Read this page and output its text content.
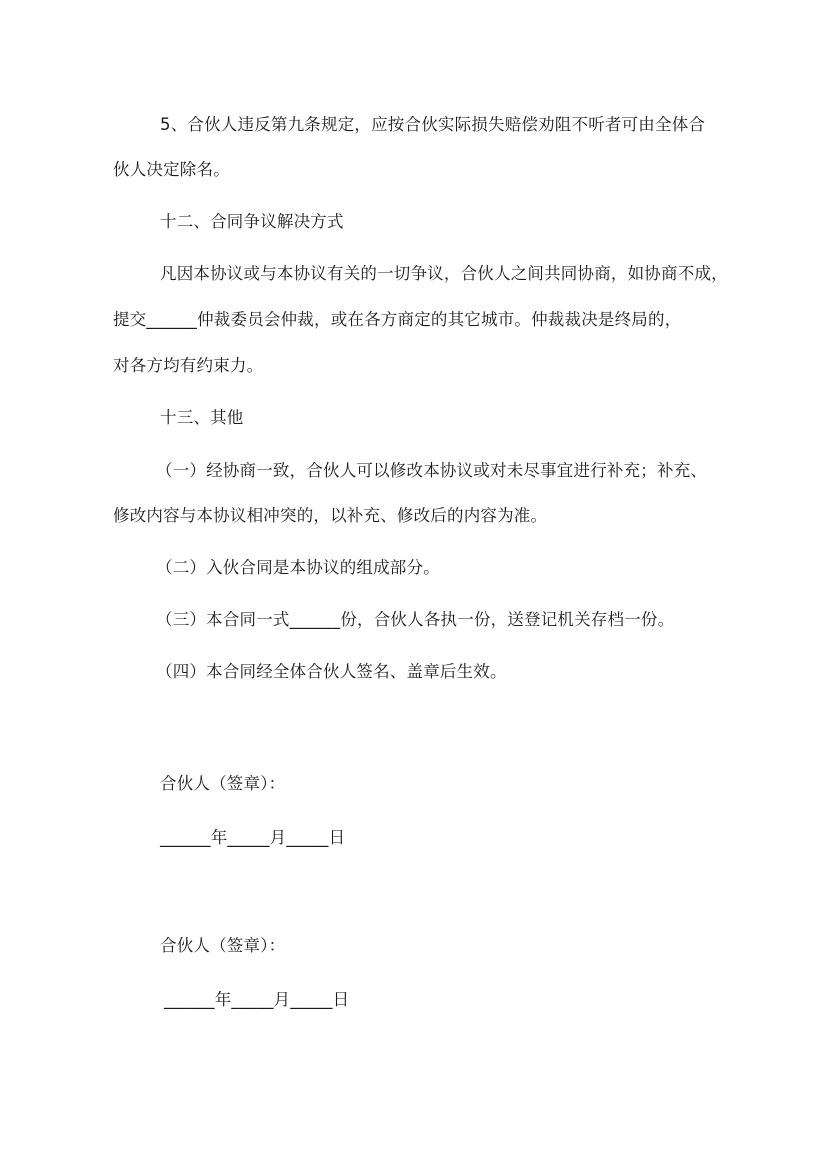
5、合伙人违反第九条规定，应按合伙实际损失赔偿劝阻不听者可由全体合
伙人决定除名。
十二、合同争议解决方式
凡因本协议或与本协议有关的一切争议，合伙人之间共同协商，如协商不成，
提交______仲裁委员会仲裁，或在各方商定的其它城市。仲裁裁决是终局的，
对各方均有约束力。
十三、其他
（一）经协商一致，合伙人可以修改本协议或对未尽事宜进行补充；补充、
修改内容与本协议相冲突的，以补充、修改后的内容为准。
（二）入伙合同是本协议的组成部分。
（三）本合同一式______份，合伙人各执一份，送登记机关存档一份。
（四）本合同经全体合伙人签名、盖章后生效。
合伙人（签章）：
______年_____月_____日
合伙人（签章）：
______年_____月_____日
